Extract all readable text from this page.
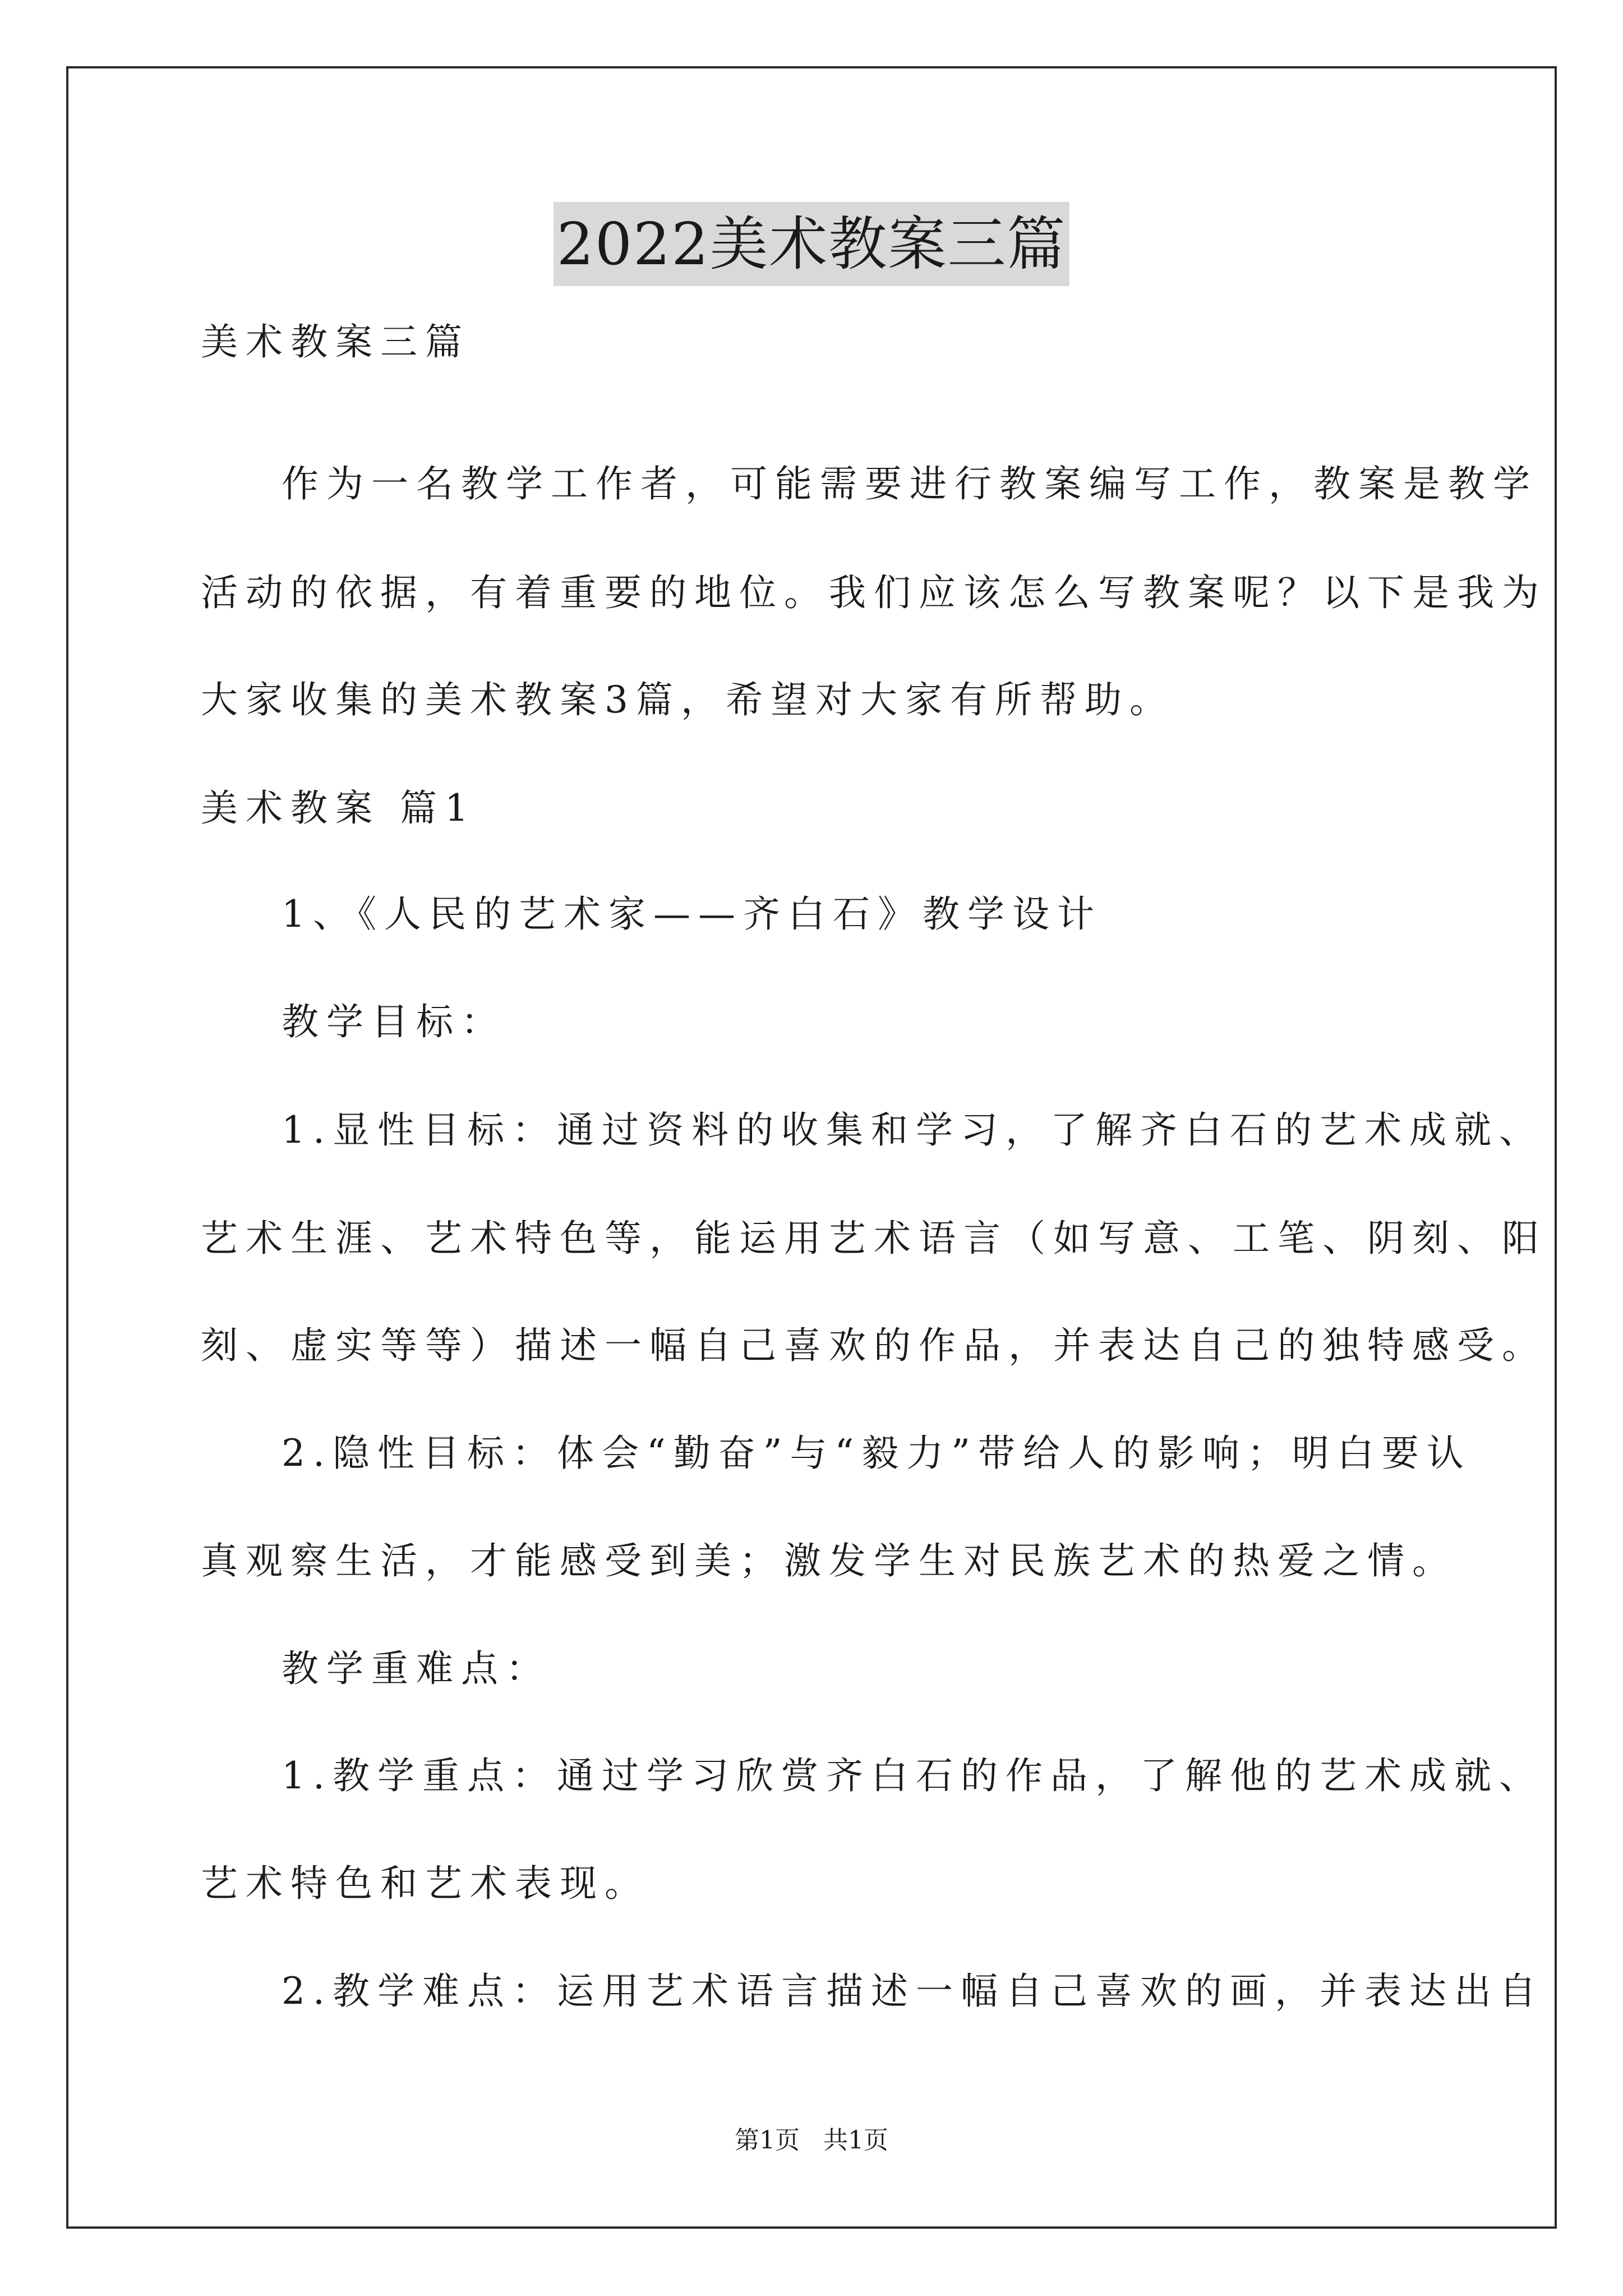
2022美术教案三篇
美术教案三篇
作为一名教学工作者，可能需要进行教案编写工作，教案是教学
活动的依据，有着重要的地位。我们应该怎么写教案呢？以下是我为
大家收集的美术教案3篇，希望对大家有所帮助。
美术教案 篇1
1、《人民的艺术家——齐白石》教学设计
教学目标：
1.显性目标：通过资料的收集和学习，了解齐白石的艺术成就、
艺术生涯、艺术特色等，能运用艺术语言（如写意、工笔、阴刻、阳
刻、虚实等等）描述一幅自己喜欢的作品，并表达自己的独特感受。
2.隐性目标：体会“勤奋”与“毅力”带给人的影响；明白要认
真观察生活，才能感受到美；激发学生对民族艺术的热爱之情。
教学重难点：
1.教学重点：通过学习欣赏齐白石的作品，了解他的艺术成就、
艺术特色和艺术表现。
2.教学难点：运用艺术语言描述一幅自己喜欢的画，并表达出自
第1页 共1页
